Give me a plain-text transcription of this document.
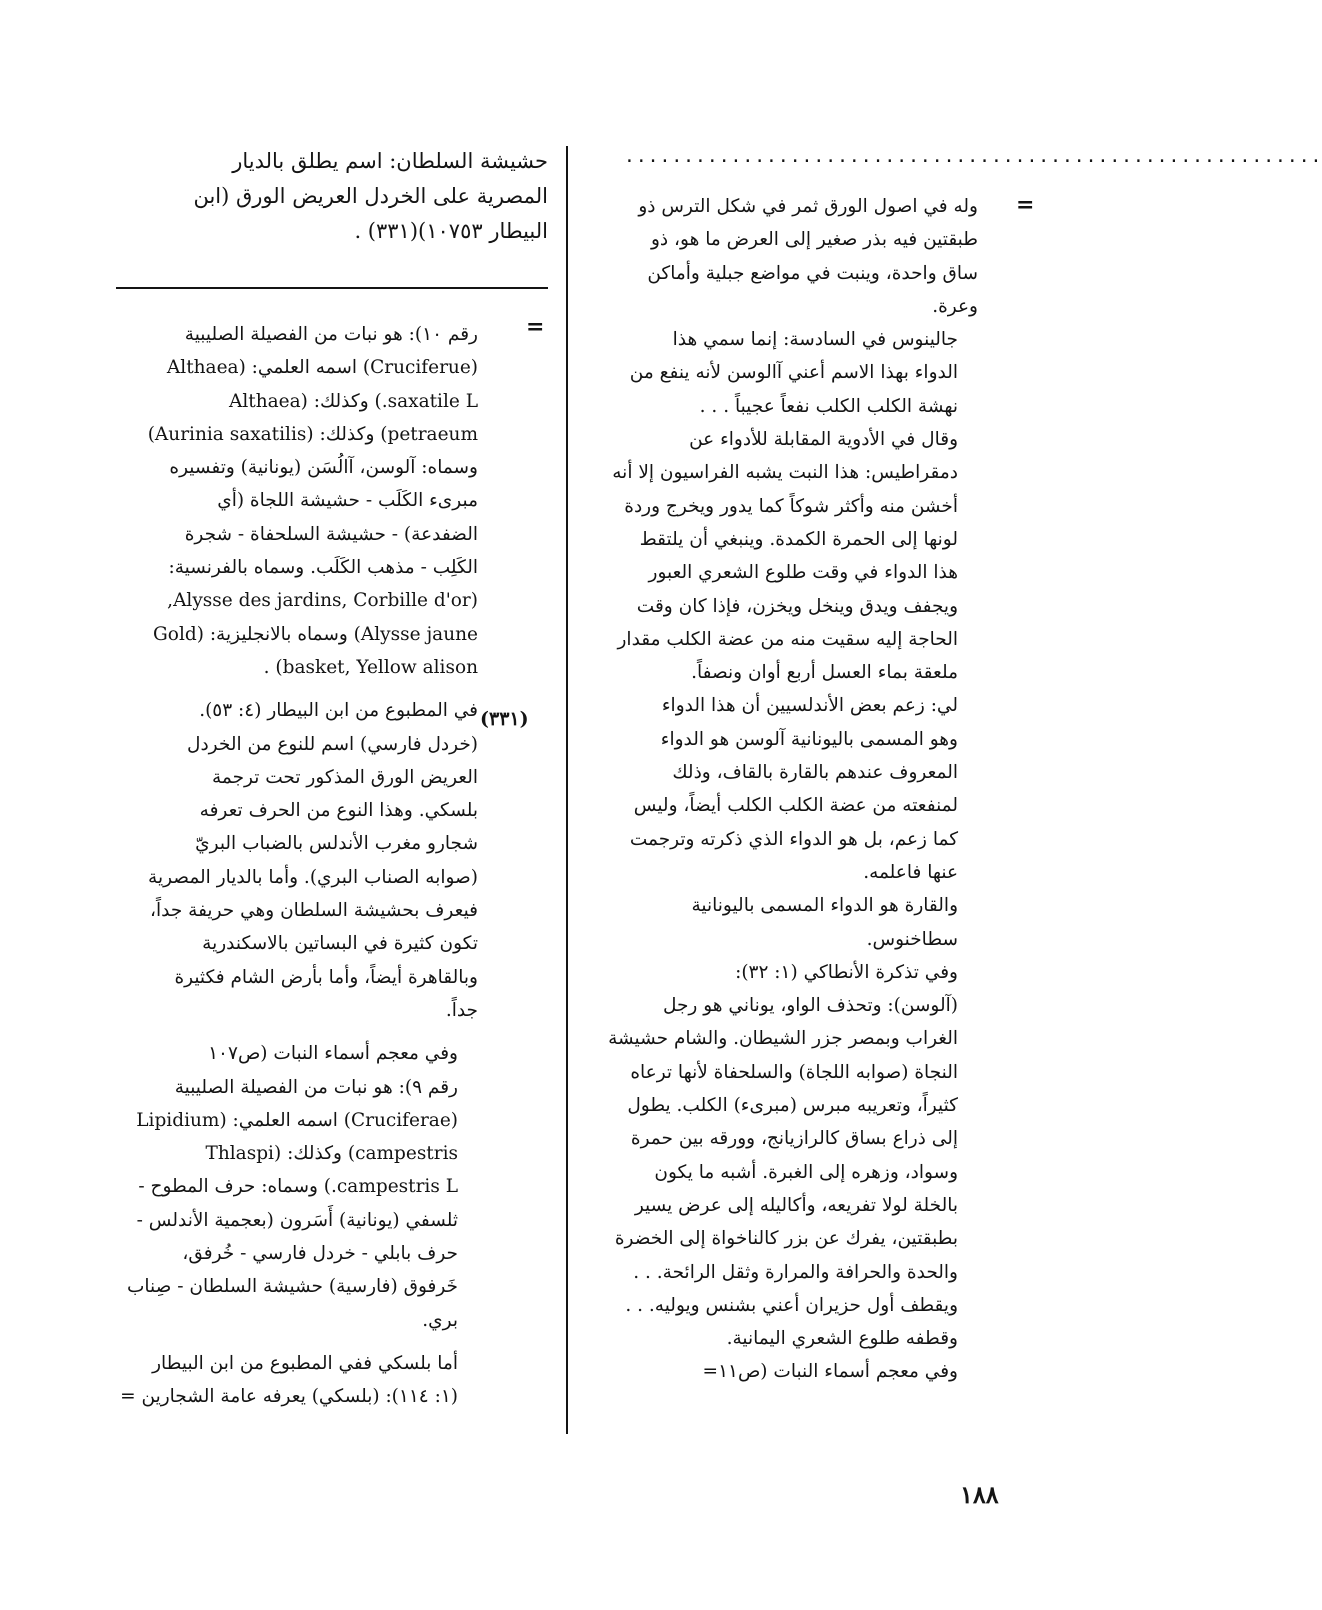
...........................................................
حشيشة السلطان: اسم يطلق بالديار
المصرية على الخردل العريض الورق (ابن
البيطار ١٠٧٥٣)(٣٣١) .
=
وله في اصول الورق ثمر في شكل الترس ذو
طبقتين فيه بذر صغير إلى العرض ما هو، ذو
ساق واحدة، وينبت في مواضع جبلية وأماكن
وعرة.
جالينوس في السادسة: إنما سمي هذا
الدواء بهذا الاسم أعني آالوسن لأنه ينفع من
نهشة الكلب الكلب نفعاً عجيباً . . .
وقال في الأدوية المقابلة للأدواء عن
دمقراطيس: هذا النبت يشبه الفراسيون إلا أنه
أخشن منه وأكثر شوكاً كما يدور ويخرج وردة
لونها إلى الحمرة الكمدة. وينبغي أن يلتقط
هذا الدواء في وقت طلوع الشعري العبور
ويجفف ويدق وينخل ويخزن، فإذا كان وقت
الحاجة إليه سقيت منه من عضة الكلب مقدار
ملعقة بماء العسل أربع أوان ونصفاً.
لي: زعم بعض الأندلسيين أن هذا الدواء
وهو المسمى باليونانية آلوسن هو الدواء
المعروف عندهم بالقارة بالقاف، وذلك
لمنفعته من عضة الكلب الكلب أيضاً، وليس
كما زعم، بل هو الدواء الذي ذكرته وترجمت
عنها فاعلمه.
والقارة هو الدواء المسمى باليونانية
سطاخنوس.
وفي تذكرة الأنطاكي (١: ٣٢):
(آلوسن): وتحذف الواو، يوناني هو رجل
الغراب وبمصر جزر الشيطان. والشام حشيشة
النجاة (صوابه اللجاة) والسلحفاة لأنها ترعاه
كثيراً، وتعريبه مبرس (مبرىء) الكلب. يطول
إلى ذراع بساق كالرازيانج، وورقه بين حمرة
وسواد، وزهره إلى الغبرة. أشبه ما يكون
بالخلة لولا تفريعه، وأكاليله إلى عرض يسير
بطبقتين، يفرك عن بزر كالناخواة إلى الخضرة
والحدة والحرافة والمرارة وثقل الرائحة. . .
ويقطف أول حزيران أعني بشنس ويوليه. . .
وقطفه طلوع الشعري اليمانية.
وفي معجم أسماء النبات (ص١١=
=
(٣٣١)
رقم ١٠): هو نبات من الفصيلة الصليبية
(Cruciferue) اسمه العلمي: (Althaea
saxatile L.) وكذلك: (Althaea
petraeum) وكذلك: (Aurinia saxatilis)
وسماه: آلوسن، آالُسَن (يونانية) وتفسيره
مبرىء الكَلَب - حشيشة اللجاة (أي
الضفدعة) - حشيشة السلحفاة - شجرة
الكَلِب - مذهب الكَلَب. وسماه بالفرنسية:
(Alysse des jardins, Corbille d'or,
Alysse jaune) وسماه بالانجليزية: (Gold
basket, Yellow alison) .
في المطبوع من ابن البيطار (٤: ٥٣).
(خردل فارسي) اسم للنوع من الخردل
العريض الورق المذكور تحت ترجمة
بلسكي. وهذا النوع من الحرف تعرفه
شجارو مغرب الأندلس بالضباب البريّ
(صوابه الصناب البري). وأما بالديار المصرية
فيعرف بحشيشة السلطان وهي حريفة جداً،
تكون كثيرة في البساتين بالاسكندرية
وبالقاهرة أيضاً، وأما بأرض الشام فكثيرة
جداً.
وفي معجم أسماء النبات (ص١٠٧
رقم ٩): هو نبات من الفصيلة الصليبية
(Cruciferae) اسمه العلمي: (Lipidium
campestris) وكذلك: (Thlaspi
campestris L.) وسماه: حرف المطوح -
ثلسفي (يونانية) أَسَرون (بعجمية الأندلس -
حرف بابلي - خردل فارسي - خُرفق،
خَرفوق (فارسية) حشيشة السلطان - صِناب
بري.
أما بلسكي ففي المطبوع من ابن البيطار
(١: ١١٤): (بلسكي) يعرفه عامة الشجارين =
١٨٨
